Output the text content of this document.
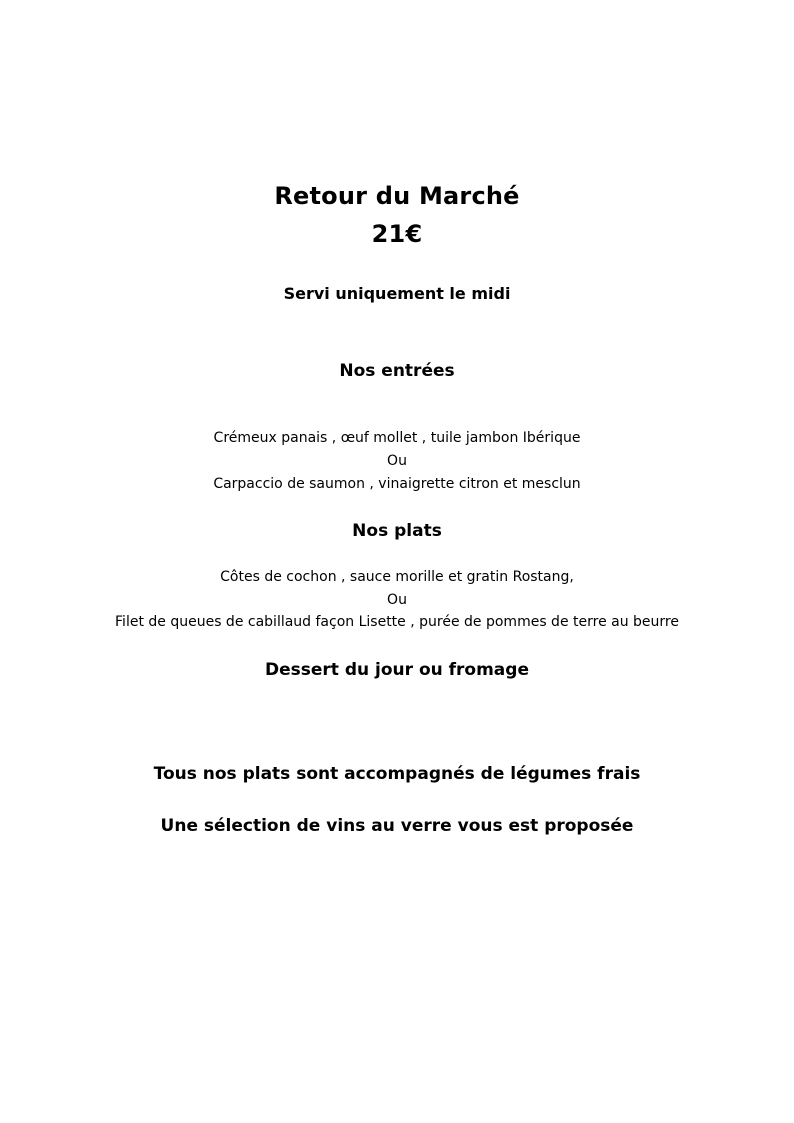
Retour du Marché

21€

Servi uniquement le midi

Nos entrées

Crémeux panais , œuf mollet , tuile jambon Ibérique

Ou

Carpaccio de saumon , vinaigrette citron et mesclun

Nos plats

Côtes de cochon , sauce morille et gratin Rostang,

Ou

Filet de queues de cabillaud façon Lisette , purée de pommes de terre au beurre

Dessert du jour ou fromage

Tous nos plats sont accompagnés de légumes frais

Une sélection de vins au verre vous est proposée
